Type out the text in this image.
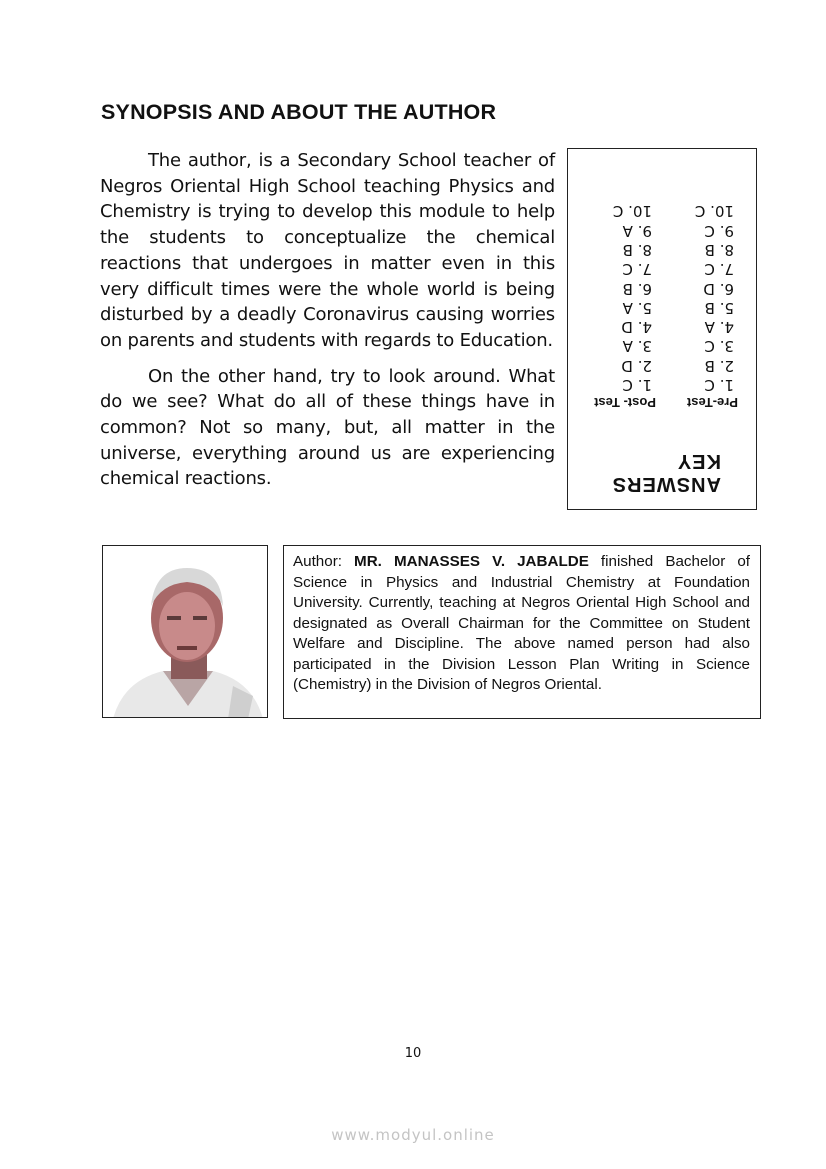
SYNOPSIS AND ABOUT THE AUTHOR

The author, is a Secondary School teacher of Negros Oriental High School teaching Physics and Chemistry is trying to develop this module to help the students to conceptualize the chemical reactions that undergoes in matter even in this very difficult times were the whole world is being disturbed by a deadly Coronavirus causing worries on parents and students with regards to Education.

On the other hand, try to look around. What do we see? What do all of these things have in common? Not so many, but, all matter in the universe, everything around us are experiencing chemical reactions.	ANSWERS KEY
Pre-Test
1. C
2. B
3. C
4. A
5. B
6. D
7. C
8. B
9. C
10. C
Post- Test
1. C
2. D
3. A
4. D
5. A
6. B
7. C
8. B
9. A
10. C
Author: MR. MANASSES V. JABALDE finished Bachelor of Science in Physics and Industrial Chemistry at Foundation University. Currently, teaching at Negros Oriental High School and designated as Overall Chairman for the Committee on Student Welfare and Discipline. The above named person had also participated in the Division Lesson Plan Writing in Science (Chemistry) in the Division of Negros Oriental.
10
www.modyul.online
